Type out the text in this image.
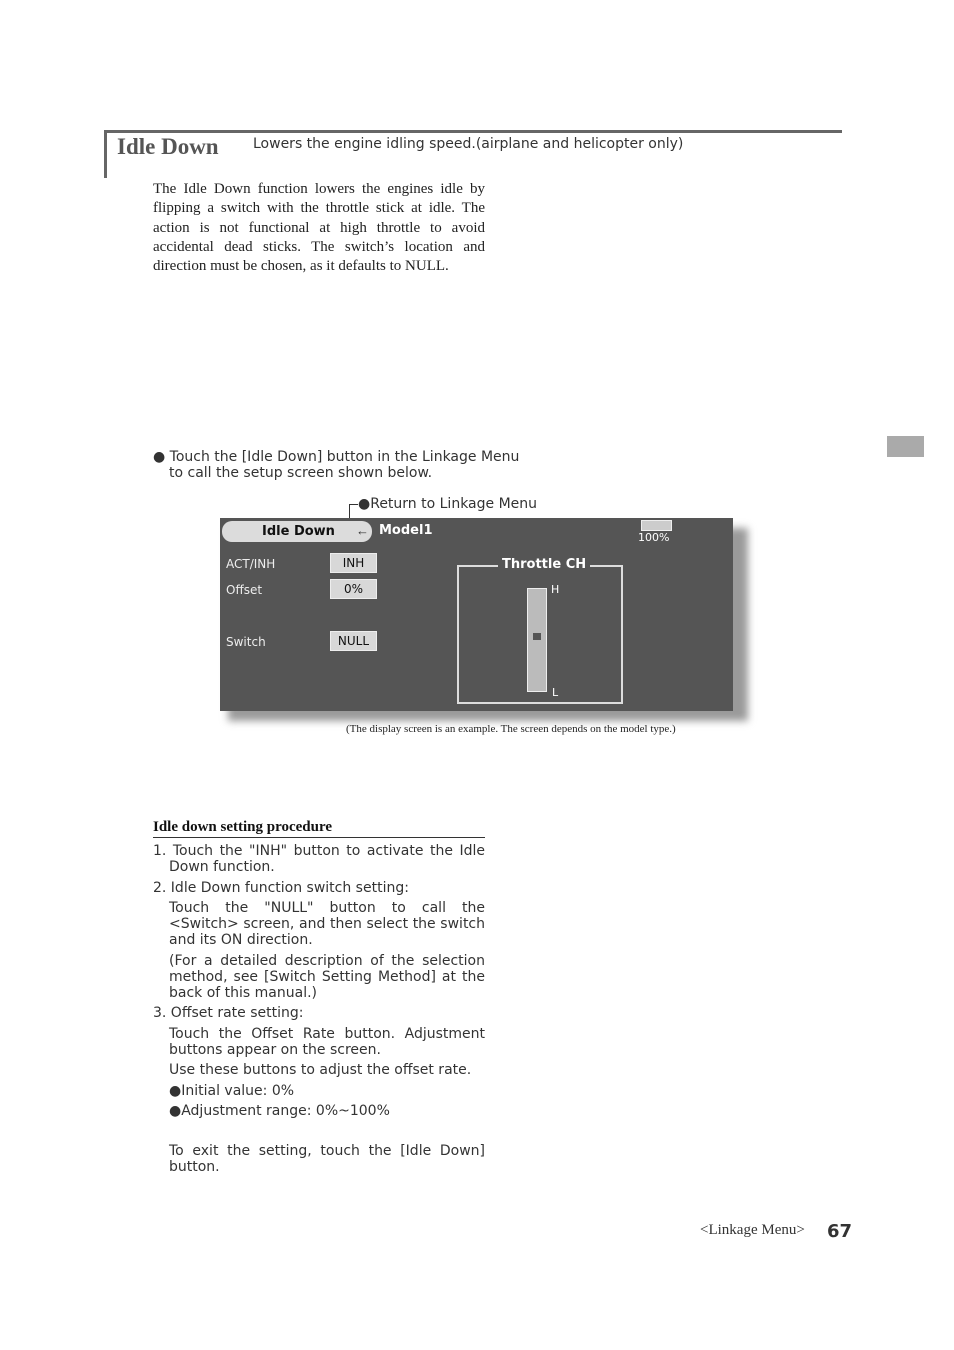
Idle Down Lowers the engine idling speed.(airplane and helicopter only)
The Idle Down function lowers the engines idle by flipping a switch with the throttle stick at idle. The action is not functional at high throttle to avoid accidental dead sticks. The switch’s location and direction must be chosen, as it defaults to NULL.
● Touch the [Idle Down] button in the Linkage Menu
to call the setup screen shown below.
●Return to Linkage Menu
Idle Down ← Model1	100%
ACT/INH	INH
Offset	0%
Switch	NULL
Throttle CH
H
L
(The display screen is an example. The screen depends on the model type.)
Idle down setting procedure

1. Touch the "INH" button to activate the Idle Down function.

2. Idle Down function switch setting:

Touch the "NULL" button to call the <Switch> screen, and then select the switch and its ON direction.

(For a detailed description of the selection method, see [Switch Setting Method] at the back of this manual.)

3. Offset rate setting:

Touch the Offset Rate button. Adjustment buttons appear on the screen.

Use these buttons to adjust the offset rate.

●Initial value: 0%

●Adjustment range: 0%~100%

To exit the setting, touch the [Idle Down] button.

<Linkage Menu> 67
